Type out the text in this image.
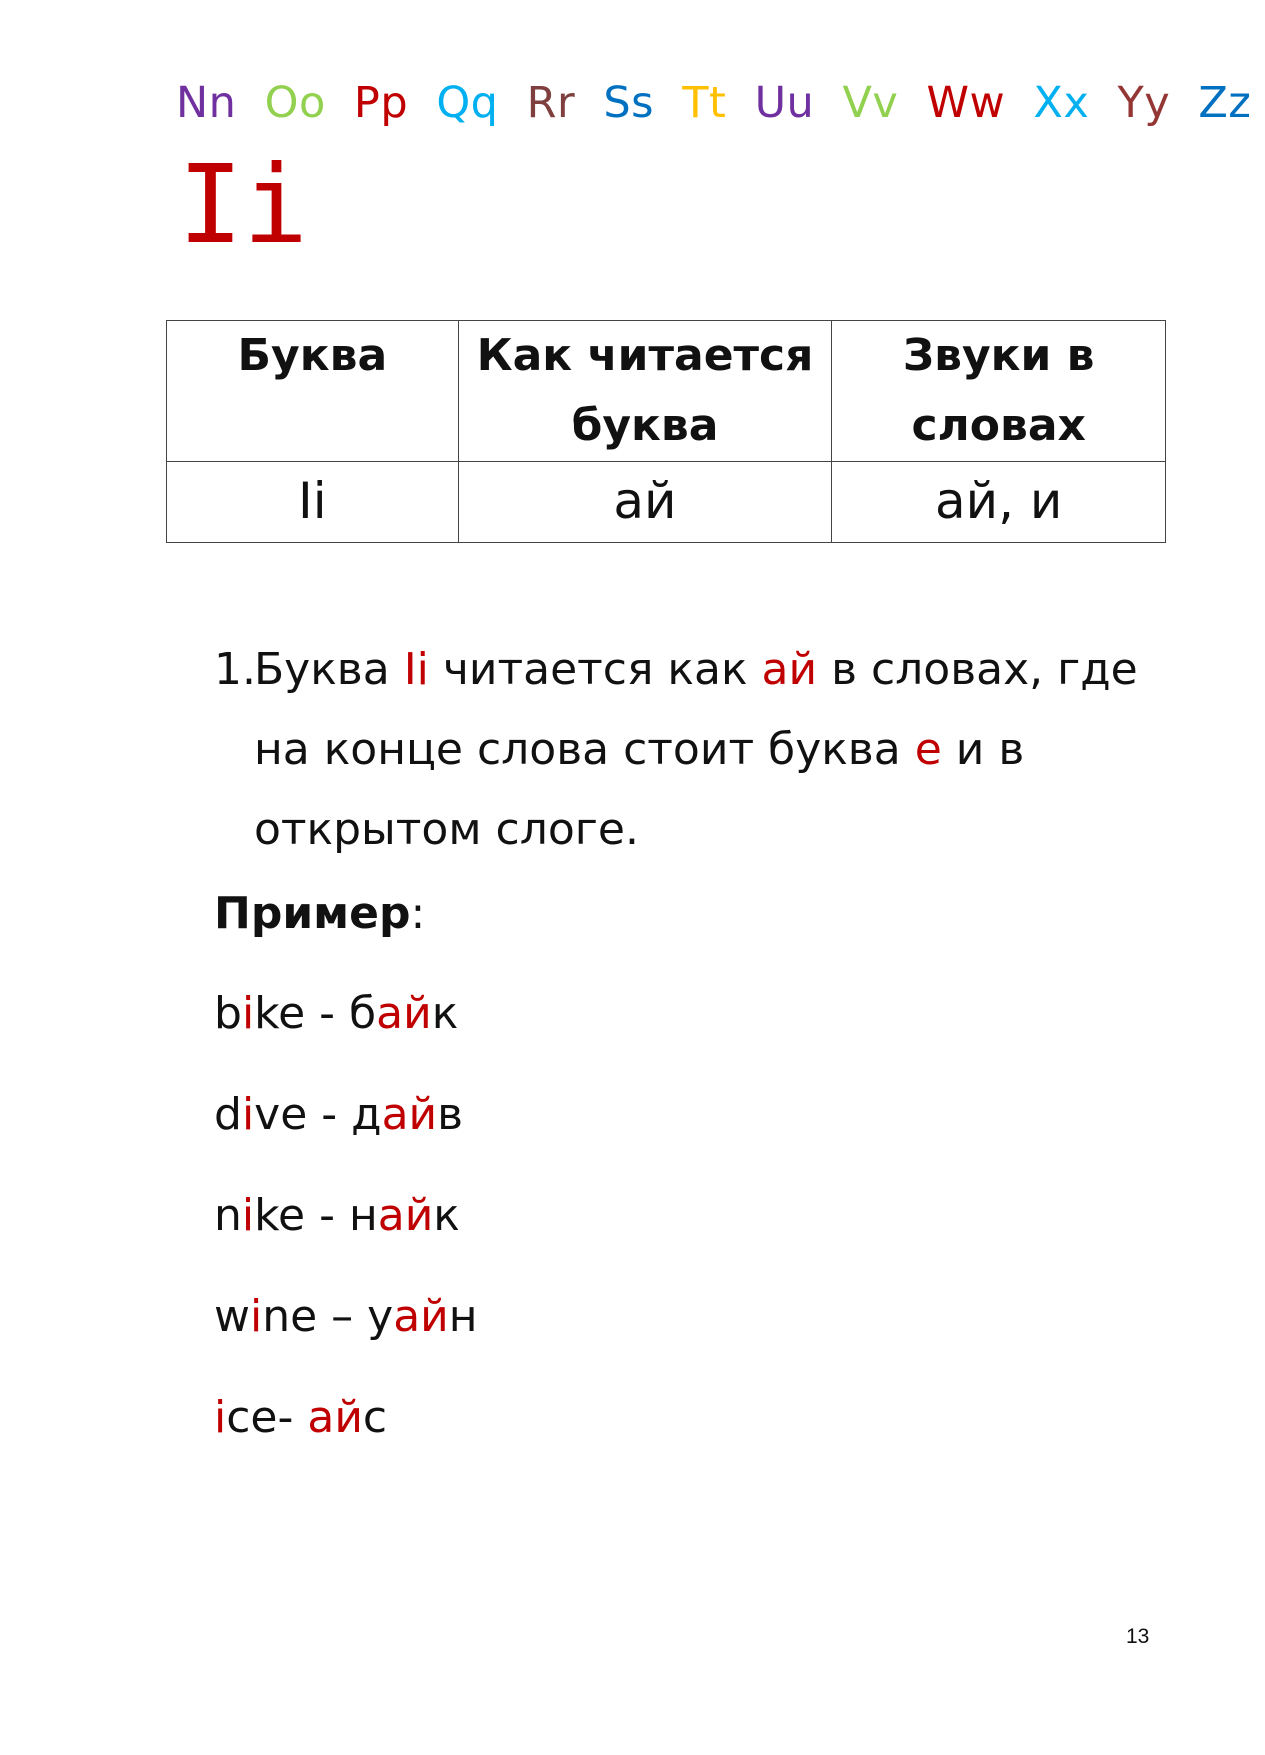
Nn Oo Pp Qq Rr Ss Tt Uu Vv Ww Xx Yy Zz
Ii
Буква	Как читается буква	Звуки в словах
Ii	ай	ай, и
1.
Буква Ii читается как ай в словах, где на конце слова стоит буква е и в открытом слоге.
Пример:
bike - байк
dive - дайв
nike - найк
wine – уайн
ice- айс
13
